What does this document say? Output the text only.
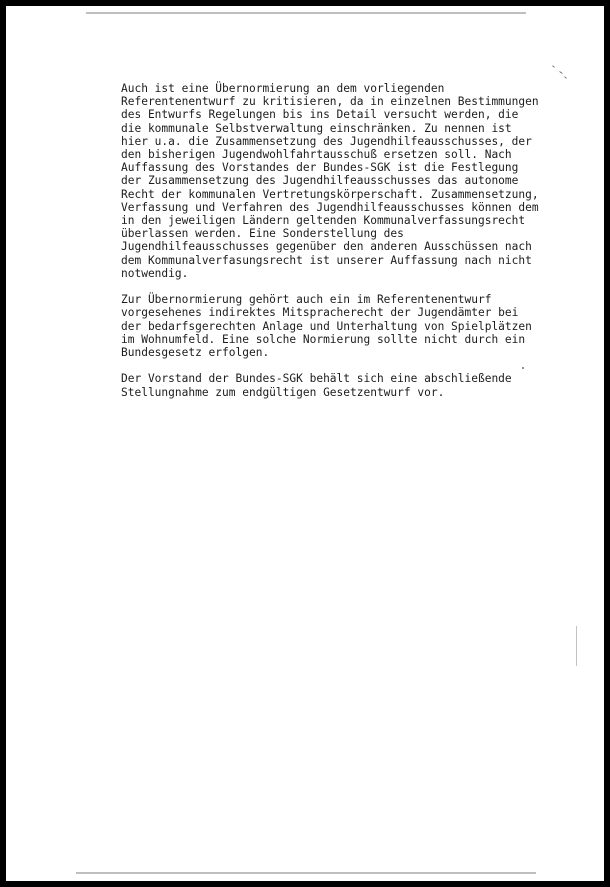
Auch ist eine Übernormierung an dem vorliegenden
Referentenentwurf zu kritisieren, da in einzelnen Bestimmungen
des Entwurfs Regelungen bis ins Detail versucht werden, die
die kommunale Selbstverwaltung einschränken. Zu nennen ist
hier u.a. die Zusammensetzung des Jugendhilfeausschusses, der
den bisherigen Jugendwohlfahrtausschuß ersetzen soll. Nach
Auffassung des Vorstandes der Bundes-SGK ist die Festlegung
der Zusammensetzung des Jugendhilfeausschusses das autonome
Recht der kommunalen Vertretungskörperschaft. Zusammensetzung,
Verfassung und Verfahren des Jugendhilfeausschusses können dem
in den jeweiligen Ländern geltenden Kommunalverfassungsrecht
überlassen werden. Eine Sonderstellung des
Jugendhilfeausschusses gegenüber den anderen Ausschüssen nach
dem Kommunalverfasungsrecht ist unserer Auffassung nach nicht
notwendig.
Zur Übernormierung gehört auch ein im Referentenentwurf
vorgesehenes indirektes Mitspracherecht der Jugendämter bei
der bedarfsgerechten Anlage und Unterhaltung von Spielplätzen
im Wohnumfeld. Eine solche Normierung sollte nicht durch ein
Bundesgesetz erfolgen.
Der Vorstand der Bundes-SGK behält sich eine abschließende
Stellungnahme zum endgültigen Gesetzentwurf vor.
